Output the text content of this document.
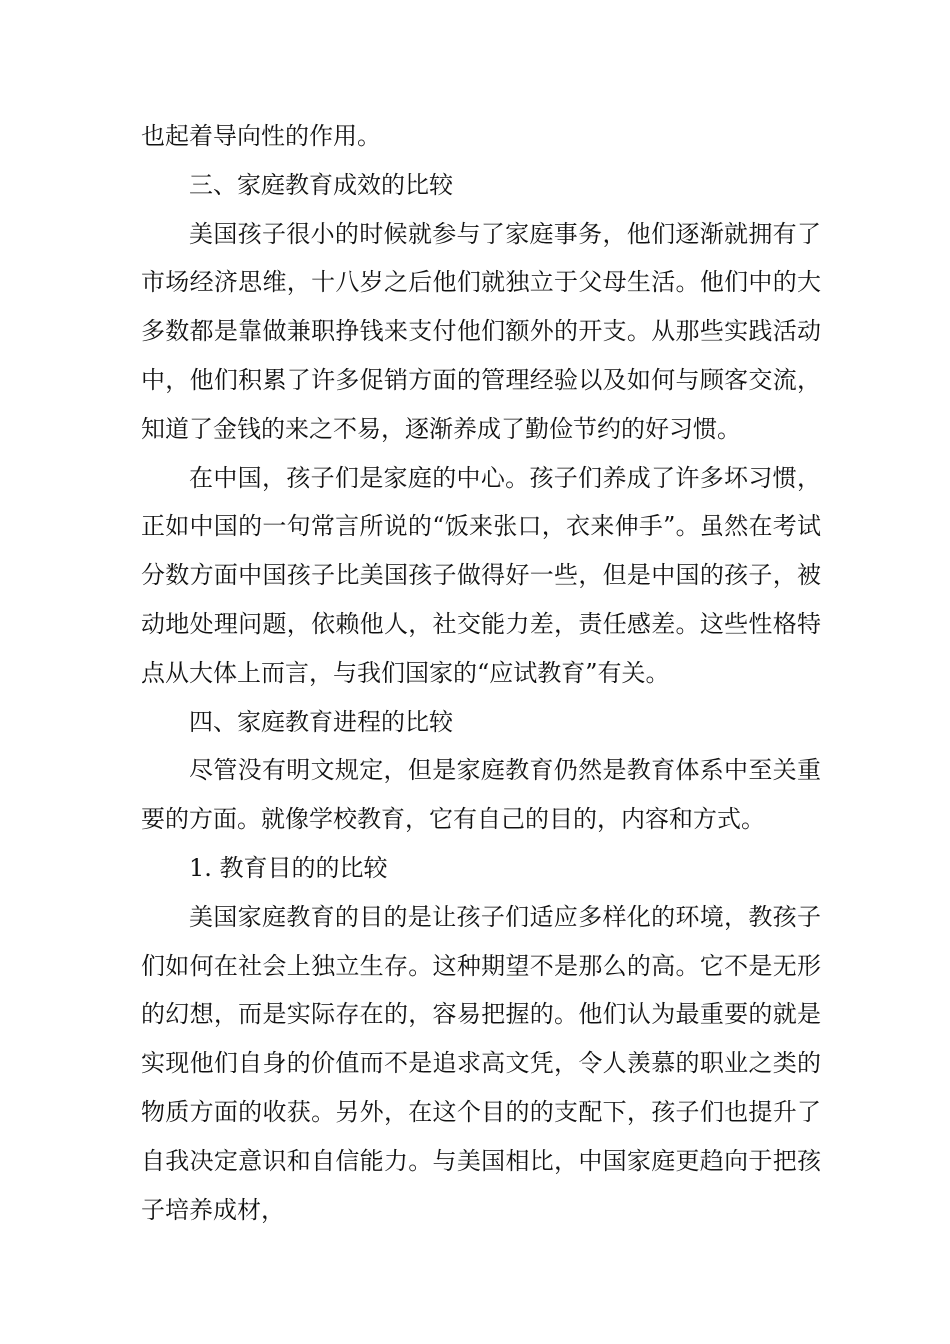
也起着导向性的作用。

三、家庭教育成效的比较

美国孩子很小的时候就参与了家庭事务，他们逐渐就拥有了市场经济思维，十八岁之后他们就独立于父母生活。他们中的大多数都是靠做兼职挣钱来支付他们额外的开支。从那些实践活动中，他们积累了许多促销方面的管理经验以及如何与顾客交流，知道了金钱的来之不易，逐渐养成了勤俭节约的好习惯。

在中国，孩子们是家庭的中心。孩子们养成了许多坏习惯，正如中国的一句常言所说的“饭来张口，衣来伸手”。虽然在考试分数方面中国孩子比美国孩子做得好一些，但是中国的孩子，被动地处理问题，依赖他人，社交能力差，责任感差。这些性格特点从大体上而言，与我们国家的“应试教育”有关。

四、家庭教育进程的比较

尽管没有明文规定，但是家庭教育仍然是教育体系中至关重要的方面。就像学校教育，它有自己的目的，内容和方式。

1. 教育目的的比较

美国家庭教育的目的是让孩子们适应多样化的环境，教孩子们如何在社会上独立生存。这种期望不是那么的高。它不是无形的幻想，而是实际存在的，容易把握的。他们认为最重要的就是实现他们自身的价值而不是追求高文凭，令人羡慕的职业之类的物质方面的收获。另外，在这个目的的支配下，孩子们也提升了自我决定意识和自信能力。与美国相比，中国家庭更趋向于把孩子培养成材，
